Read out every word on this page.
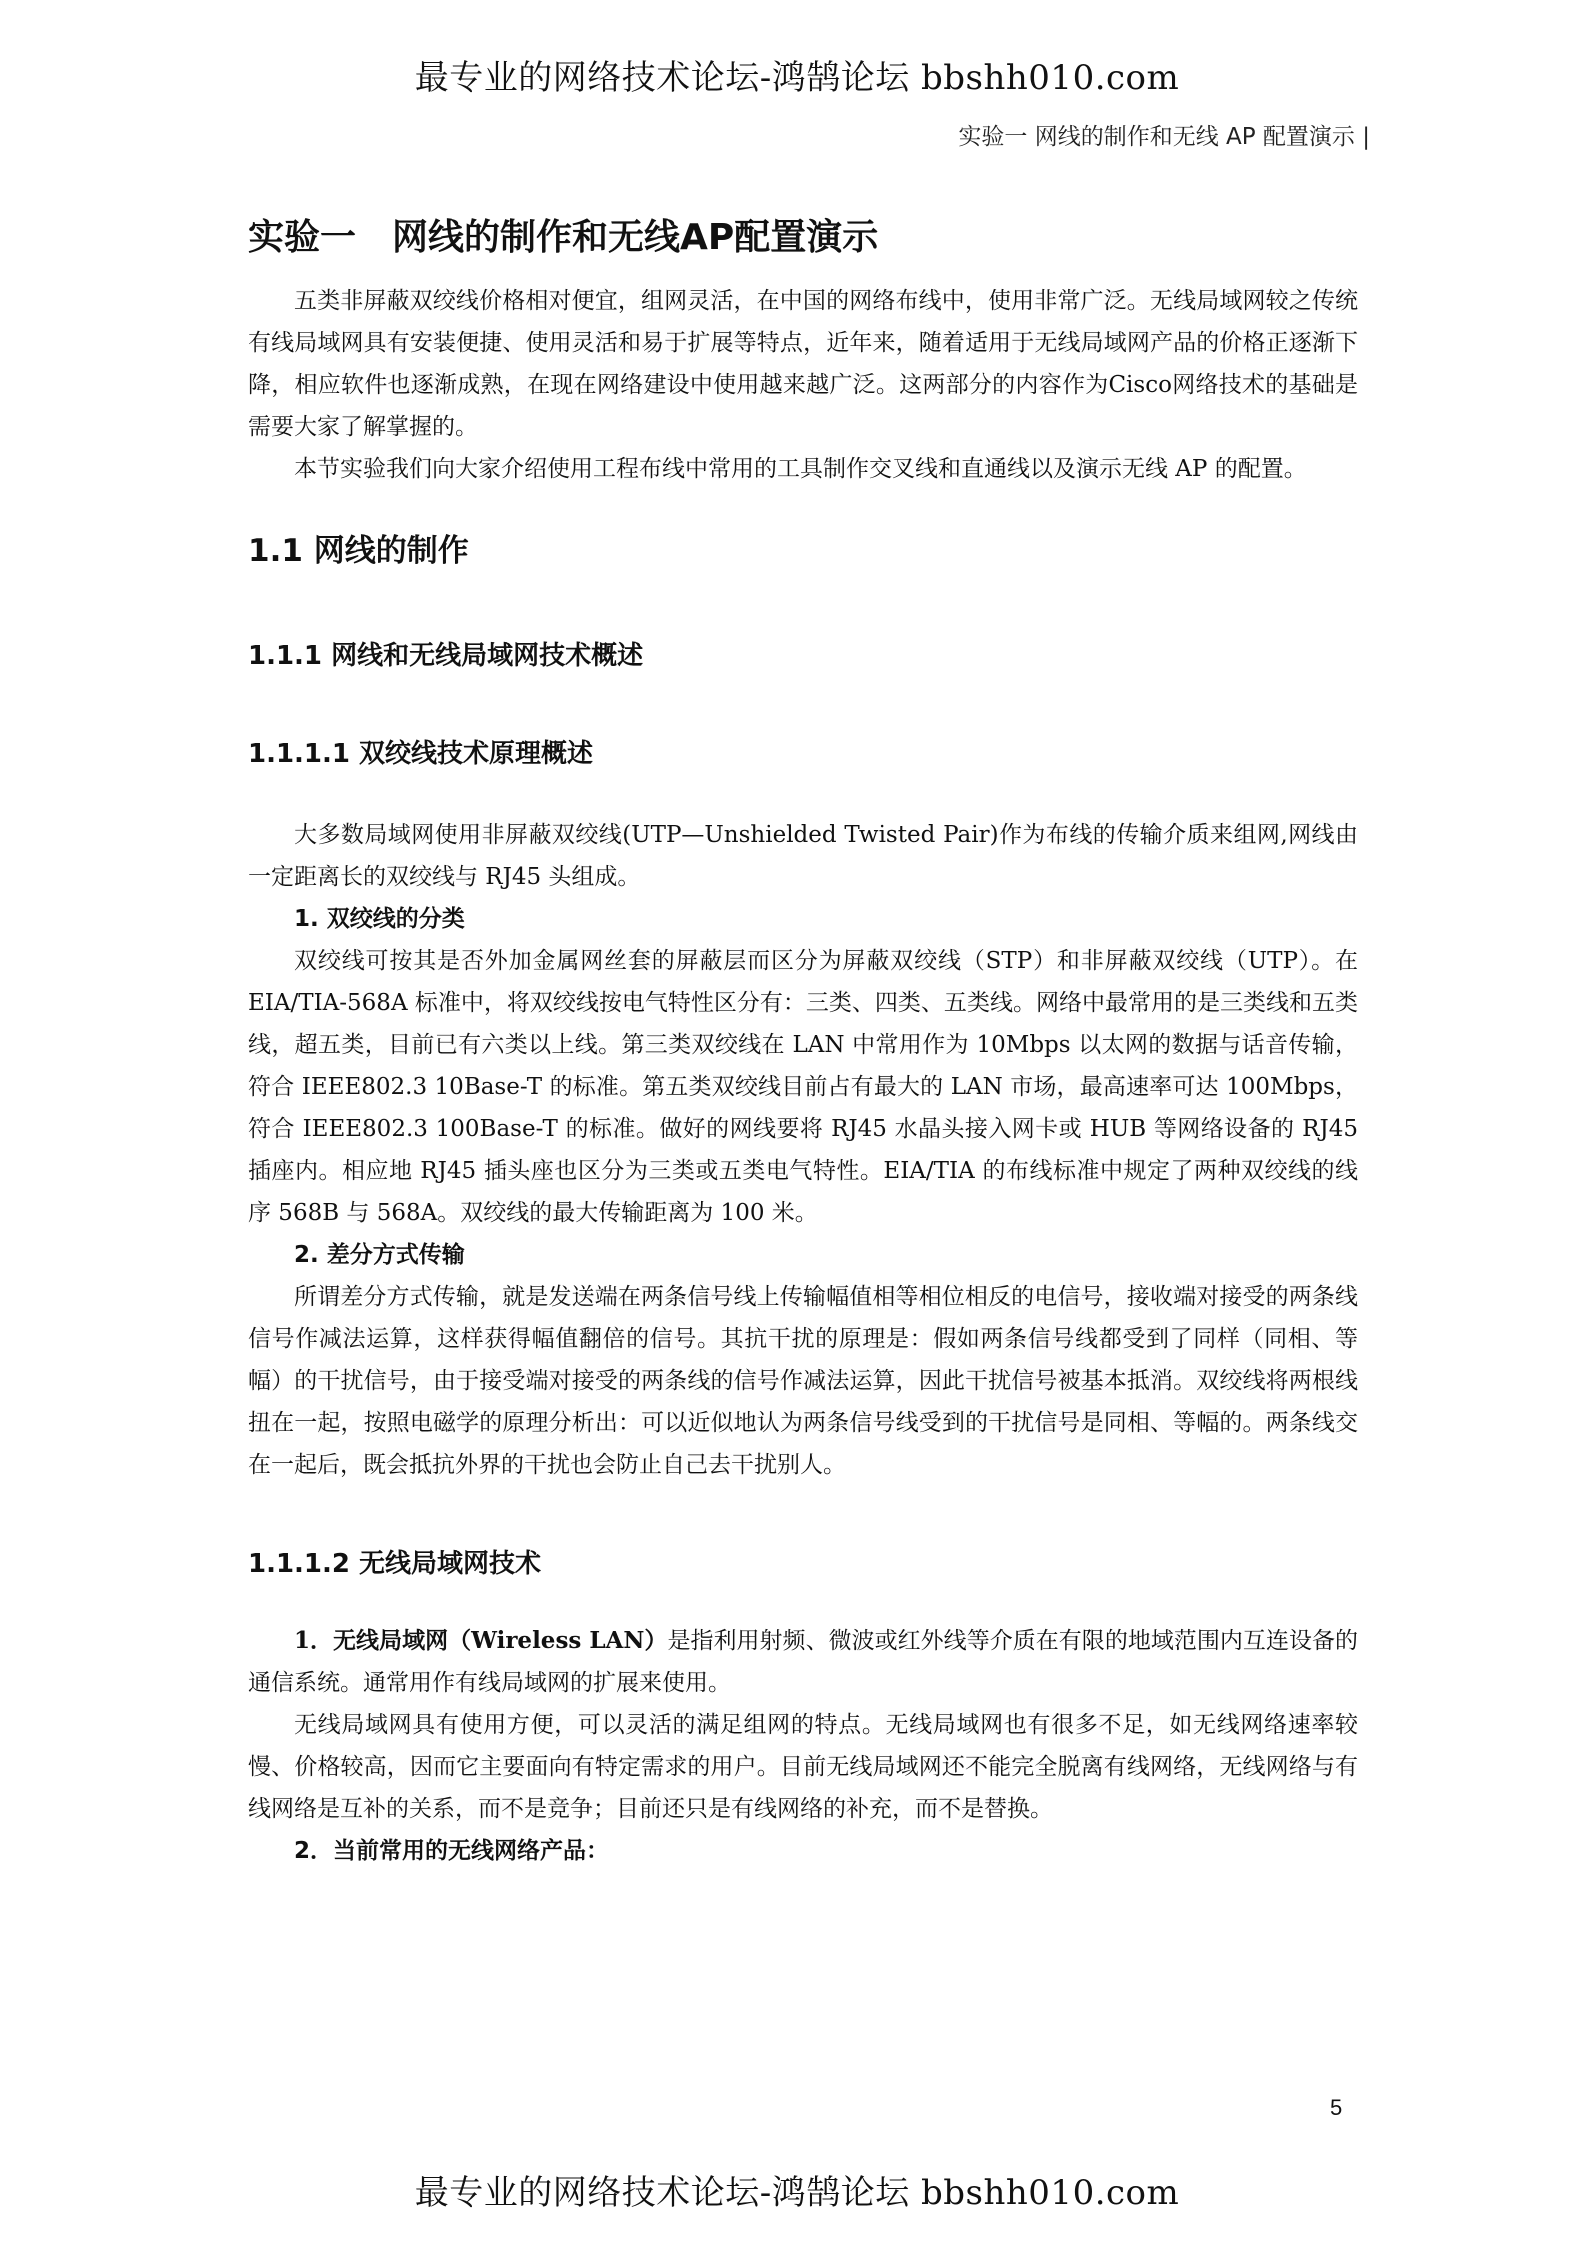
最专业的网络技术论坛-鸿鹄论坛 bbshh010.com
实验一 网线的制作和无线 AP 配置演示 |
实验一　网线的制作和无线AP配置演示

五类非屏蔽双绞线价格相对便宜，组网灵活，在中国的网络布线中，使用非常广泛。无线局域网较之传统有线局域网具有安装便捷、使用灵活和易于扩展等特点，近年来，随着适用于无线局域网产品的价格正逐渐下降，相应软件也逐渐成熟，在现在网络建设中使用越来越广泛。这两部分的内容作为Cisco网络技术的基础是需要大家了解掌握的。

本节实验我们向大家介绍使用工程布线中常用的工具制作交叉线和直通线以及演示无线 AP 的配置。

1.1 网线的制作
1.1.1 网线和无线局域网技术概述
1.1.1.1 双绞线技术原理概述

大多数局域网使用非屏蔽双绞线(UTP—Unshielded Twisted Pair)作为布线的传输介质来组网,网线由一定距离长的双绞线与 RJ45 头组成。

1. 双绞线的分类

双绞线可按其是否外加金属网丝套的屏蔽层而区分为屏蔽双绞线（STP）和非屏蔽双绞线（UTP）。在 EIA/TIA-568A 标准中，将双绞线按电气特性区分有：三类、四类、五类线。网络中最常用的是三类线和五类线，超五类，目前已有六类以上线。第三类双绞线在 LAN 中常用作为 10Mbps 以太网的数据与话音传输，符合 IEEE802.3 10Base-T 的标准。第五类双绞线目前占有最大的 LAN 市场，最高速率可达 100Mbps，符合 IEEE802.3 100Base-T 的标准。做好的网线要将 RJ45 水晶头接入网卡或 HUB 等网络设备的 RJ45 插座内。相应地 RJ45 插头座也区分为三类或五类电气特性。EIA/TIA 的布线标准中规定了两种双绞线的线序 568B 与 568A。双绞线的最大传输距离为 100 米。

2. 差分方式传输

所谓差分方式传输，就是发送端在两条信号线上传输幅值相等相位相反的电信号，接收端对接受的两条线信号作减法运算，这样获得幅值翻倍的信号。其抗干扰的原理是：假如两条信号线都受到了同样（同相、等幅）的干扰信号，由于接受端对接受的两条线的信号作减法运算，因此干扰信号被基本抵消。双绞线将两根线扭在一起，按照电磁学的原理分析出：可以近似地认为两条信号线受到的干扰信号是同相、等幅的。两条线交在一起后，既会抵抗外界的干扰也会防止自己去干扰别人。

1.1.1.2 无线局域网技术

1．无线局域网（Wireless LAN）是指利用射频、微波或红外线等介质在有限的地域范围内互连设备的通信系统。通常用作有线局域网的扩展来使用。

无线局域网具有使用方便，可以灵活的满足组网的特点。无线局域网也有很多不足，如无线网络速率较慢、价格较高，因而它主要面向有特定需求的用户。目前无线局域网还不能完全脱离有线网络，无线网络与有线网络是互补的关系，而不是竞争；目前还只是有线网络的补充，而不是替换。

2．当前常用的无线网络产品：
5
最专业的网络技术论坛-鸿鹄论坛 bbshh010.com
